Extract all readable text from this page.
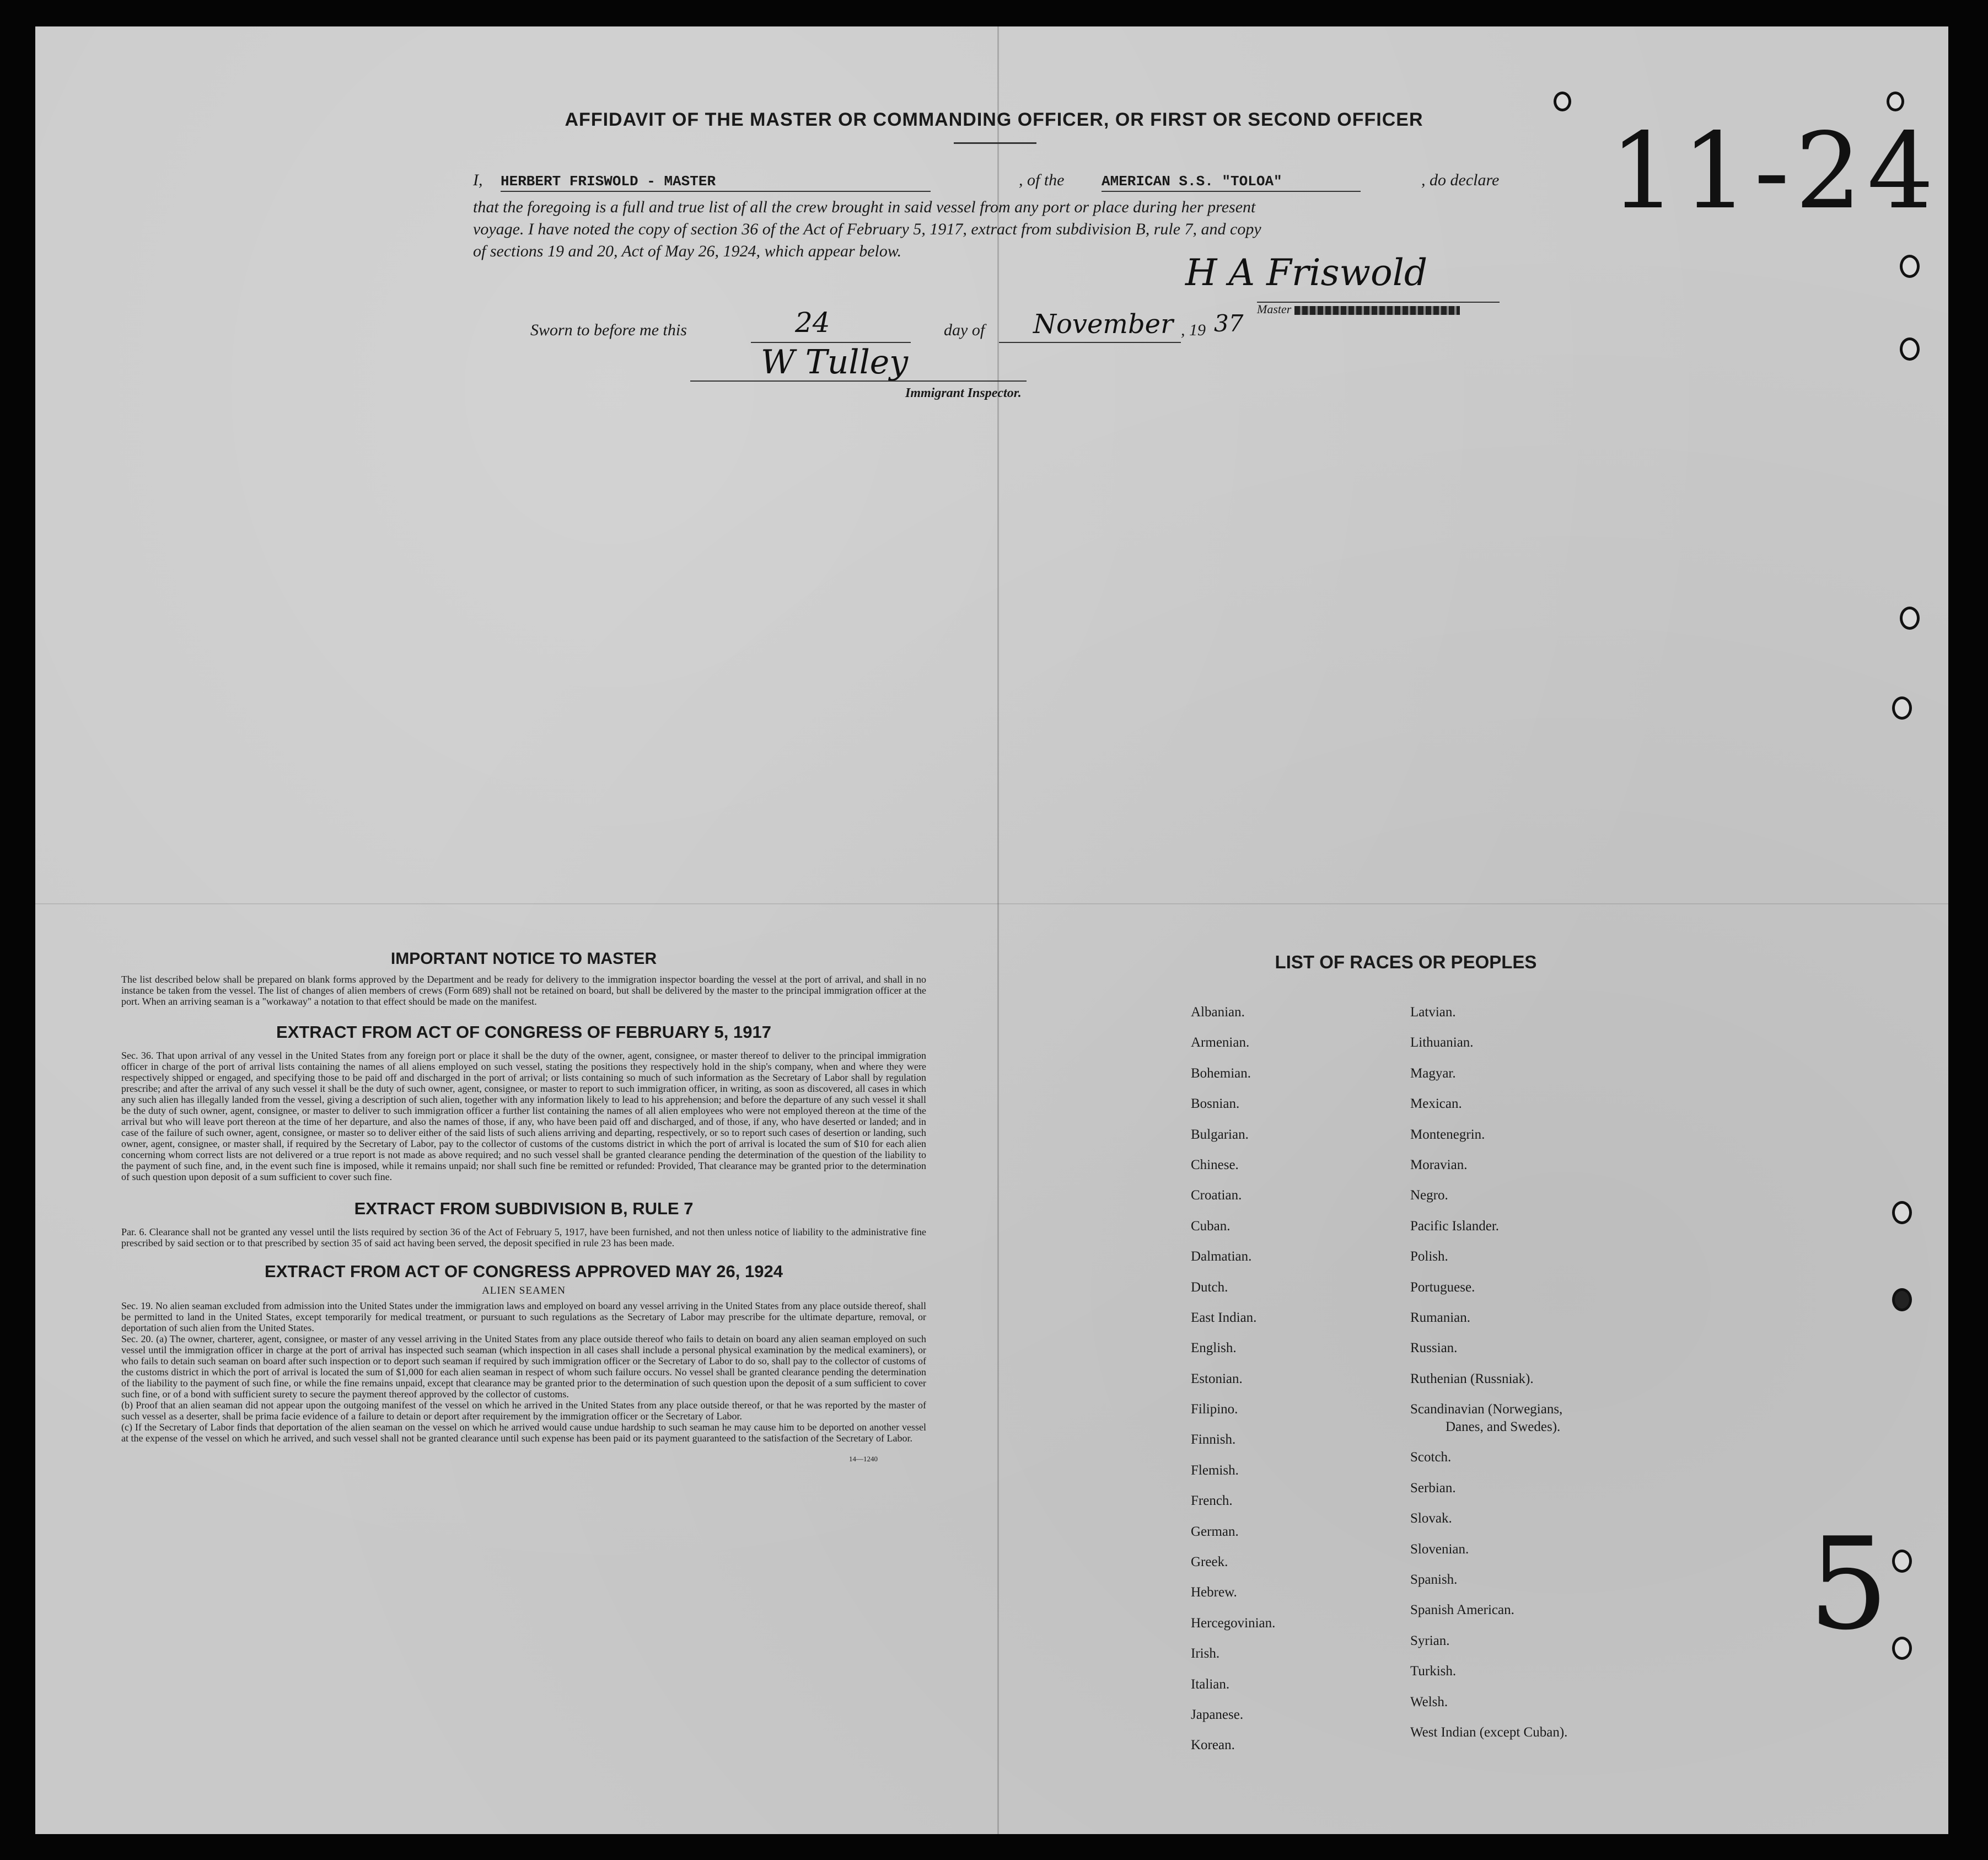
AFFIDAVIT OF THE MASTER OR COMMANDING OFFICER, OR FIRST OR SECOND OFFICER
I, HERBERT FRISWOLD - MASTER	, of the	AMERICAN S.S. "TOLOA"	, do declare
that the foregoing is a full and true list of all the crew brought in said vessel from any port or place during her present
voyage. I have noted the copy of section 36 of the Act of February 5, 1917, extract from subdivision B, rule 7, and copy
of sections 19 and 20, Act of May 26, 1924, which appear below.
H A Friswold
Master
Sworn to before me this	24	day of November , 19 37
W Tulley
Immigrant Inspector.
11-24
5
IMPORTANT NOTICE TO MASTER
The list described below shall be prepared on blank forms approved by the Department and be ready for delivery to the immigration inspector boarding the vessel at the port of arrival, and shall in no instance be taken from the vessel. The list of changes of alien members of crews (Form 689) shall not be retained on board, but shall be delivered by the master to the principal immigration officer at the port. When an arriving seaman is a "workaway" a notation to that effect should be made on the manifest.
EXTRACT FROM ACT OF CONGRESS OF FEBRUARY 5, 1917
Sec. 36. That upon arrival of any vessel in the United States from any foreign port or place it shall be the duty of the owner, agent, consignee, or master thereof to deliver to the principal immigration officer in charge of the port of arrival lists containing the names of all aliens employed on such vessel, stating the positions they respectively hold in the ship's company, when and where they were respectively shipped or engaged, and specifying those to be paid off and discharged in the port of arrival; or lists containing so much of such information as the Secretary of Labor shall by regulation prescribe; and after the arrival of any such vessel it shall be the duty of such owner, agent, consignee, or master to report to such immigration officer, in writing, as soon as discovered, all cases in which any such alien has illegally landed from the vessel, giving a description of such alien, together with any information likely to lead to his apprehension; and before the departure of any such vessel it shall be the duty of such owner, agent, consignee, or master to deliver to such immigration officer a further list containing the names of all alien employees who were not employed thereon at the time of the arrival but who will leave port thereon at the time of her departure, and also the names of those, if any, who have been paid off and discharged, and of those, if any, who have deserted or landed; and in case of the failure of such owner, agent, consignee, or master so to deliver either of the said lists of such aliens arriving and departing, respectively, or so to report such cases of desertion or landing, such owner, agent, consignee, or master shall, if required by the Secretary of Labor, pay to the collector of customs of the customs district in which the port of arrival is located the sum of $10 for each alien concerning whom correct lists are not delivered or a true report is not made as above required; and no such vessel shall be granted clearance pending the determination of the question of the liability to the payment of such fine, and, in the event such fine is imposed, while it remains unpaid; nor shall such fine be remitted or refunded: Provided, That clearance may be granted prior to the determination of such question upon deposit of a sum sufficient to cover such fine.
EXTRACT FROM SUBDIVISION B, RULE 7
Par. 6. Clearance shall not be granted any vessel until the lists required by section 36 of the Act of February 5, 1917, have been furnished, and not then unless notice of liability to the administrative fine prescribed by said section or to that prescribed by section 35 of said act having been served, the deposit specified in rule 23 has been made.
EXTRACT FROM ACT OF CONGRESS APPROVED MAY 26, 1924
ALIEN SEAMEN
Sec. 19. No alien seaman excluded from admission into the United States under the immigration laws and employed on board any vessel arriving in the United States from any place outside thereof, shall be permitted to land in the United States, except temporarily for medical treatment, or pursuant to such regulations as the Secretary of Labor may prescribe for the ultimate departure, removal, or deportation of such alien from the United States.
Sec. 20. (a) The owner, charterer, agent, consignee, or master of any vessel arriving in the United States from any place outside thereof who fails to detain on board any alien seaman employed on such vessel until the immigration officer in charge at the port of arrival has inspected such seaman (which inspection in all cases shall include a personal physical examination by the medical examiners), or who fails to detain such seaman on board after such inspection or to deport such seaman if required by such immigration officer or the Secretary of Labor to do so, shall pay to the collector of customs of the customs district in which the port of arrival is located the sum of $1,000 for each alien seaman in respect of whom such failure occurs. No vessel shall be granted clearance pending the determination of the liability to the payment of such fine, or while the fine remains unpaid, except that clearance may be granted prior to the determination of such question upon the deposit of a sum sufficient to cover such fine, or of a bond with sufficient surety to secure the payment thereof approved by the collector of customs.
(b) Proof that an alien seaman did not appear upon the outgoing manifest of the vessel on which he arrived in the United States from any place outside thereof, or that he was reported by the master of such vessel as a deserter, shall be prima facie evidence of a failure to detain or deport after requirement by the immigration officer or the Secretary of Labor.
(c) If the Secretary of Labor finds that deportation of the alien seaman on the vessel on which he arrived would cause undue hardship to such seaman he may cause him to be deported on another vessel at the expense of the vessel on which he arrived, and such vessel shall not be granted clearance until such expense has been paid or its payment guaranteed to the satisfaction of the Secretary of Labor.
14—1240
LIST OF RACES OR PEOPLES
Albanian.
Armenian.
Bohemian.
Bosnian.
Bulgarian.
Chinese.
Croatian.
Cuban.
Dalmatian.
Dutch.
East Indian.
English.
Estonian.
Filipino.
Finnish.
Flemish.
French.
German.
Greek.
Hebrew.
Hercegovinian.
Irish.
Italian.
Japanese.
Korean.
Latvian.
Lithuanian.
Magyar.
Mexican.
Montenegrin.
Moravian.
Negro.
Pacific Islander.
Polish.
Portuguese.
Rumanian.
Russian.
Ruthenian (Russniak).
Scandinavian (Norwegians,
Danes, and Swedes).
Scotch.
Serbian.
Slovak.
Slovenian.
Spanish.
Spanish American.
Syrian.
Turkish.
Welsh.
West Indian (except Cuban).
